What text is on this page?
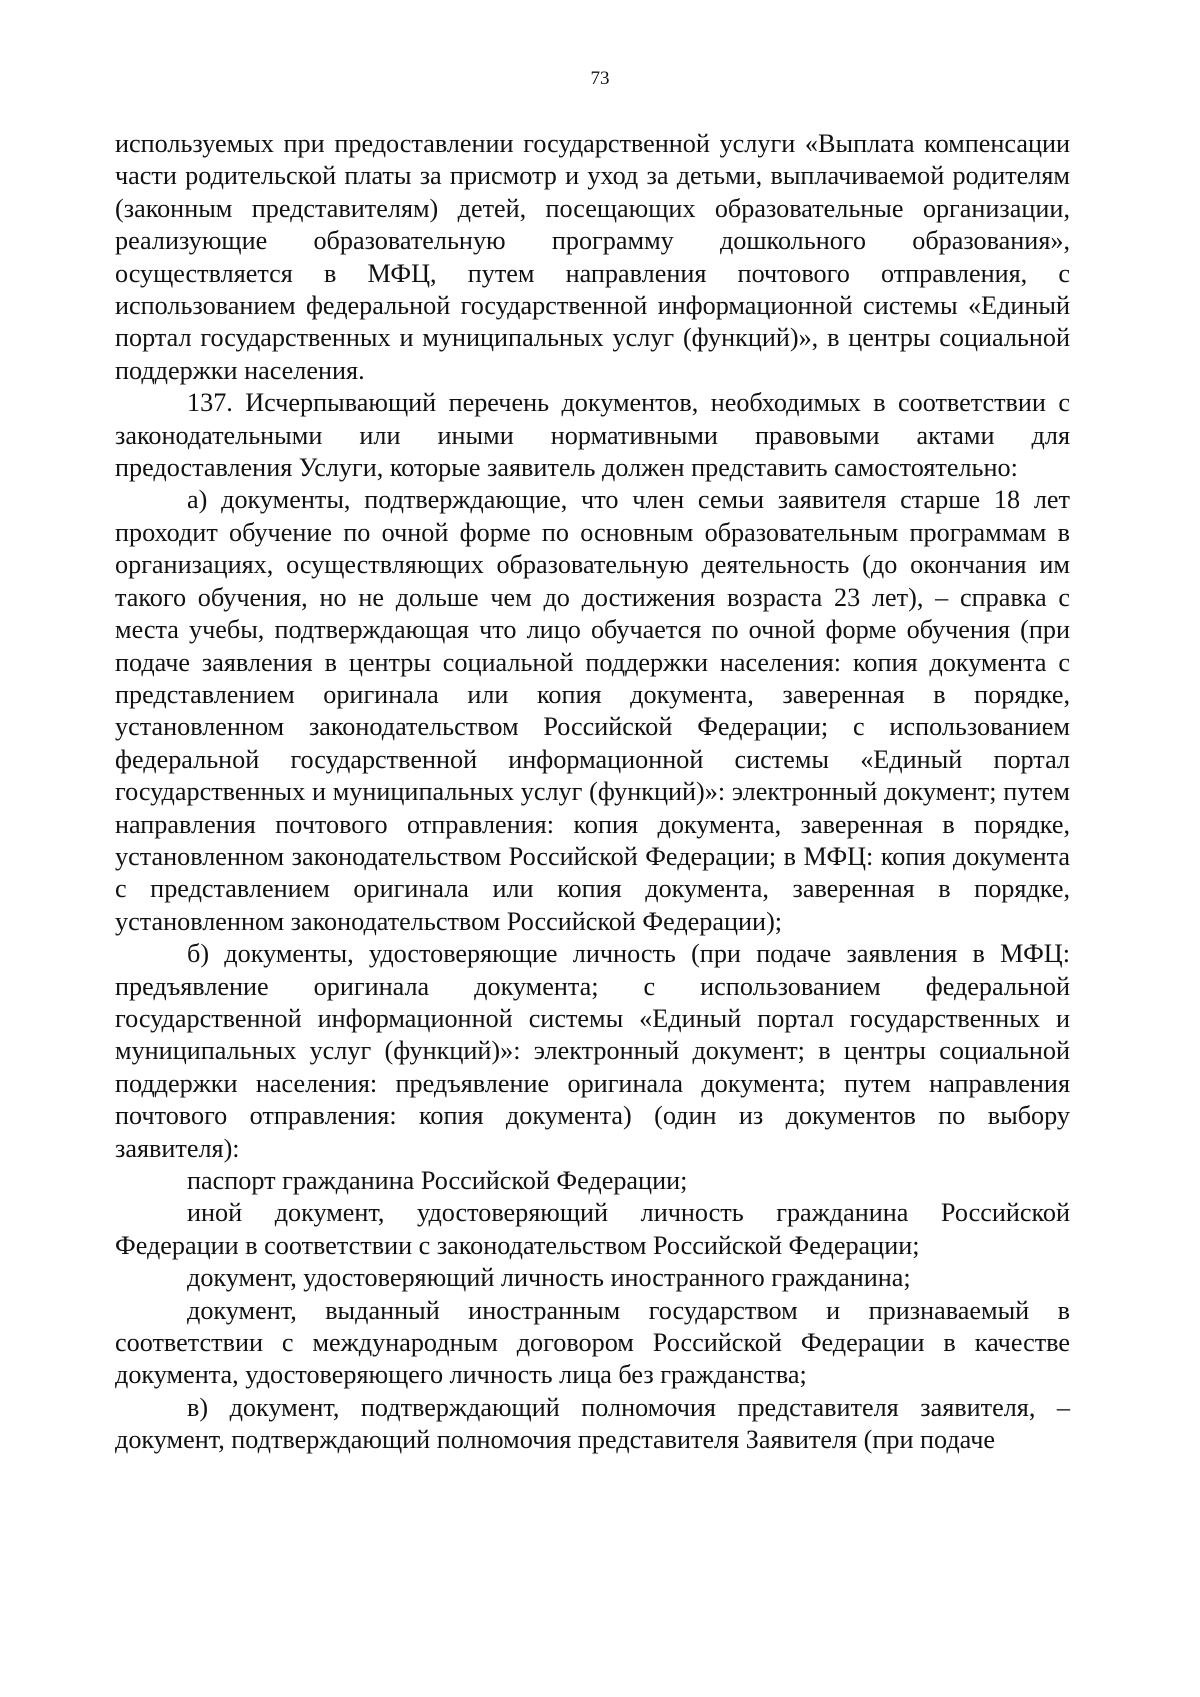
73

используемых при предоставлении государственной услуги «Выплата компенсации части родительской платы за присмотр и уход за детьми, выплачиваемой родителям (законным представителям) детей, посещающих образовательные организации, реализующие образовательную программу дошкольного образования», осуществляется в МФЦ, путем направления почтового отправления, с использованием федеральной государственной информационной системы «Единый портал государственных и муниципальных услуг (функций)», в центры социальной поддержки населения.

137. Исчерпывающий перечень документов, необходимых в соответствии с законодательными или иными нормативными правовыми актами для предоставления Услуги, которые заявитель должен представить самостоятельно:

а) документы, подтверждающие, что член семьи заявителя старше 18 лет проходит обучение по очной форме по основным образовательным программам в организациях, осуществляющих образовательную деятельность (до окончания им такого обучения, но не дольше чем до достижения возраста 23 лет), – справка с места учебы, подтверждающая что лицо обучается по очной форме обучения (при подаче заявления в центры социальной поддержки населения: копия документа с представлением оригинала или копия документа, заверенная в порядке, установленном законодательством Российской Федерации; с использованием федеральной государственной информационной системы «Единый портал государственных и муниципальных услуг (функций)»: электронный документ; путем направления почтового отправления: копия документа, заверенная в порядке, установленном законодательством Российской Федерации; в МФЦ: копия документа с представлением оригинала или копия документа, заверенная в порядке, установленном законодательством Российской Федерации);

б) документы, удостоверяющие личность (при подаче заявления в МФЦ: предъявление оригинала документа; с использованием федеральной государственной информационной системы «Единый портал государственных и муниципальных услуг (функций)»: электронный документ; в центры социальной поддержки населения: предъявление оригинала документа; путем направления почтового отправления: копия документа) (один из документов по выбору заявителя):

паспорт гражданина Российской Федерации;

иной документ, удостоверяющий личность гражданина Российской Федерации в соответствии с законодательством Российской Федерации;

документ, удостоверяющий личность иностранного гражданина;

документ, выданный иностранным государством и признаваемый в соответствии с международным договором Российской Федерации в качестве документа, удостоверяющего личность лица без гражданства;

в) документ, подтверждающий полномочия представителя заявителя, – документ, подтверждающий полномочия представителя Заявителя (при подаче
